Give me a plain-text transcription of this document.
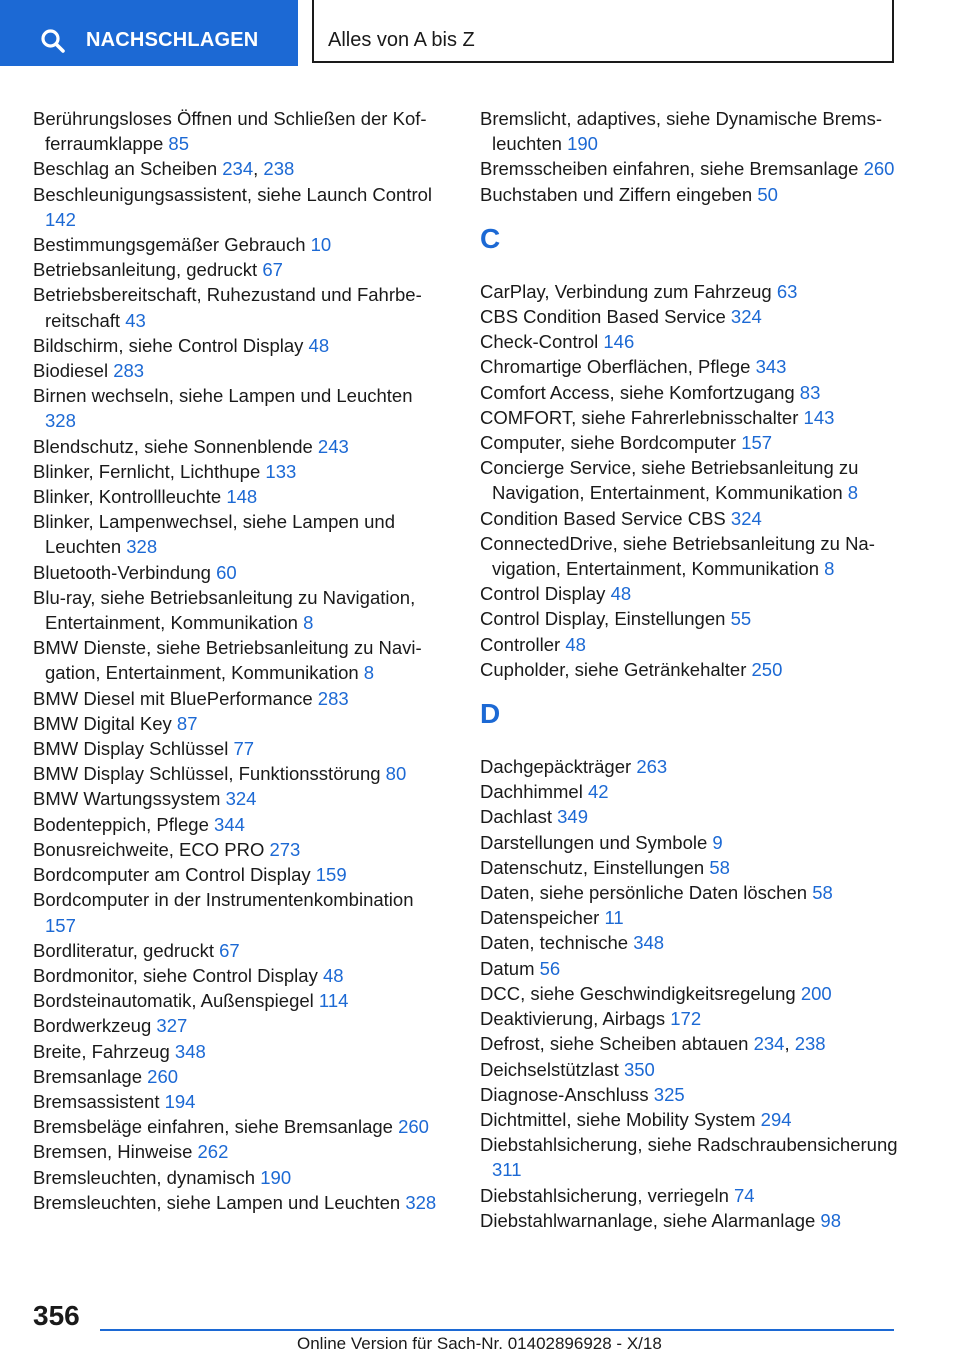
NACHSCHLAGEN	Alles von A bis Z
Berührungsloses Öffnen und Schließen der Kofferraumklappe 85
Beschlag an Scheiben 234, 238
Beschleunigungsassistent, siehe Launch Control 142
Bestimmungsgemäßer Gebrauch 10
Betriebsanleitung, gedruckt 67
Betriebsbereitschaft, Ruhezustand und Fahrbereitschaft 43
Bildschirm, siehe Control Display 48
Biodiesel 283
Birnen wechseln, siehe Lampen und Leuchten 328
Blendschutz, siehe Sonnenblende 243
Blinker, Fernlicht, Lichthupe 133
Blinker, Kontrollleuchte 148
Blinker, Lampenwechsel, siehe Lampen und Leuchten 328
Bluetooth-Verbindung 60
Blu-ray, siehe Betriebsanleitung zu Navigation, Entertainment, Kommunikation 8
BMW Dienste, siehe Betriebsanleitung zu Navigation, Entertainment, Kommunikation 8
BMW Diesel mit BluePerformance 283
BMW Digital Key 87
BMW Display Schlüssel 77
BMW Display Schlüssel, Funktionsstörung 80
BMW Wartungssystem 324
Bodenteppich, Pflege 344
Bonusreichweite, ECO PRO 273
Bordcomputer am Control Display 159
Bordcomputer in der Instrumentenkombination 157
Bordliteratur, gedruckt 67
Bordmonitor, siehe Control Display 48
Bordsteinautomatik, Außenspiegel 114
Bordwerkzeug 327
Breite, Fahrzeug 348
Bremsanlage 260
Bremsassistent 194
Bremsbeläge einfahren, siehe Bremsanlage 260
Bremsen, Hinweise 262
Bremsleuchten, dynamisch 190
Bremsleuchten, siehe Lampen und Leuchten 328
Bremslicht, adaptives, siehe Dynamische Bremsleuchten 190
Bremsscheiben einfahren, siehe Bremsanlage 260
Buchstaben und Ziffern eingeben 50
C
CarPlay, Verbindung zum Fahrzeug 63
CBS Condition Based Service 324
Check-Control 146
Chromartige Oberflächen, Pflege 343
Comfort Access, siehe Komfortzugang 83
COMFORT, siehe Fahrerlebnisschalter 143
Computer, siehe Bordcomputer 157
Concierge Service, siehe Betriebsanleitung zu Navigation, Entertainment, Kommunikation 8
Condition Based Service CBS 324
ConnectedDrive, siehe Betriebsanleitung zu Navigation, Entertainment, Kommunikation 8
Control Display 48
Control Display, Einstellungen 55
Controller 48
Cupholder, siehe Getränkehalter 250
D
Dachgepäckträger 263
Dachhimmel 42
Dachlast 349
Darstellungen und Symbole 9
Datenschutz, Einstellungen 58
Daten, siehe persönliche Daten löschen 58
Datenspeicher 11
Daten, technische 348
Datum 56
DCC, siehe Geschwindigkeitsregelung 200
Deaktivierung, Airbags 172
Defrost, siehe Scheiben abtauen 234, 238
Deichselstützlast 350
Diagnose-Anschluss 325
Dichtmittel, siehe Mobility System 294
Diebstahlsicherung, siehe Radschraubensicherung 311
Diebstahlsicherung, verriegeln 74
Diebstahlwarnanlage, siehe Alarmanlage 98
356
Online Version für Sach-Nr. 01402896928 - X/18
